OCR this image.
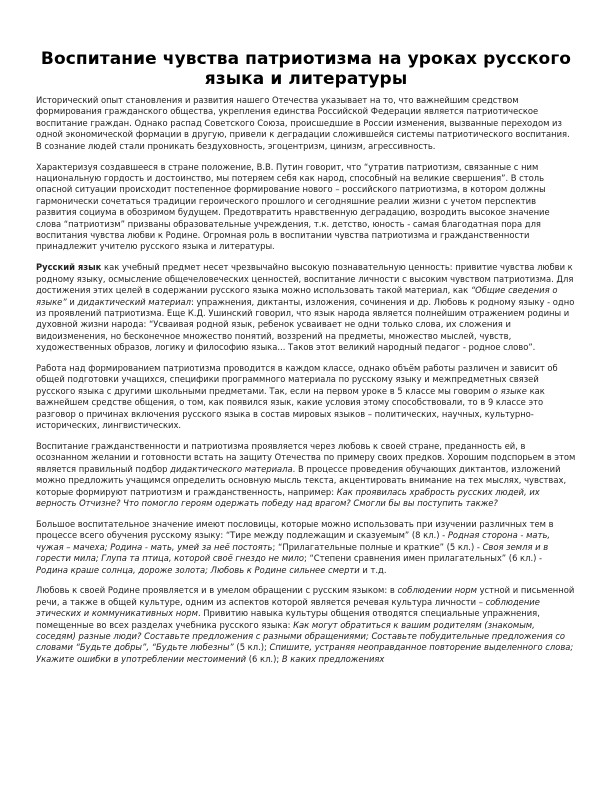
Воспитание чувства патриотизма на уроках русского языка и литературы

Исторический опыт становления и развития нашего Отечества указывает на то, что важнейшим средством формирования гражданского общества, укрепления единства Российской Федерации является патриотическое воспитание граждан. Однако распад Советского Союза, происшедшие в России изменения, вызванные переходом из одной экономической формации в другую, привели к деградации сложившейся системы патриотического воспитания. В сознание людей стали проникать бездуховность, эгоцентризм, цинизм, агрессивность.

Характеризуя создавшееся в стране положение, В.В. Путин говорит, что “утратив патриотизм, связанные с ним национальную гордость и достоинство, мы потеряем себя как народ, способный на великие свершения”. В столь опасной ситуации происходит постепенное формирование нового – российского патриотизма, в котором должны гармонически сочетаться традиции героического прошлого и сегодняшние реалии жизни с учетом перспектив развития социума в обозримом будущем. Предотвратить нравственную деградацию, возродить высокое значение слова “патриотизм” призваны образовательные учреждения, т.к. детство, юность - самая благодатная пора для воспитания чувства любви к Родине. Огромная роль в воспитании чувства патриотизма и гражданственности принадлежит учителю русского языка и литературы.

Русский язык как учебный предмет несет чрезвычайно высокую познавательную ценность: привитие чувства любви к родному языку, осмысление общечеловеческих ценностей, воспитание личности с высоким чувством патриотизма. Для достижения этих целей в содержании русского языка можно использовать такой материал, как “Общие сведения о языке” и дидактический материал: упражнения, диктанты, изложения, сочинения и др. Любовь к родному языку - одно из проявлений патриотизма. Еще К.Д. Ушинский говорил, что язык народа является полнейшим отражением родины и духовной жизни народа: “Усваивая родной язык, ребенок усваивает не одни только слова, их сложения и видоизменения, но бесконечное множество понятий, воззрений на предметы, множество мыслей, чувств, художественных образов, логику и философию языка... Таков этот великий народный педагог - родное слово”.

Работа над формированием патриотизма проводится в каждом классе, однако объём работы различен и зависит об общей подготовки учащихся, специфики программного материала по русскому языку и межпредметных связей русского языка с другими школьными предметами. Так, если на первом уроке в 5 классе мы говорим о языке как важнейшем средстве общения, о том, как появился язык, какие условия этому способствовали, то в 9 классе это разговор о причинах включения русского языка в состав мировых языков – политических, научных, культурно-исторических, лингвистических.

Воспитание гражданственности и патриотизма проявляется через любовь к своей стране, преданность ей, в осознанном желании и готовности встать на защиту Отечества по примеру своих предков. Хорошим подспорьем в этом является правильный подбор дидактического материала. В процессе проведения обучающих диктантов, изложений можно предложить учащимся определить основную мысль текста, акцентировать внимание на тех мыслях, чувствах, которые формируют патриотизм и гражданственность, например: Как проявилась храбрость русских людей, их верность Отчизне? Что помогло героям одержать победу над врагом? Смогли бы вы поступить также?

Большое воспитательное значение имеют пословицы, которые можно использовать при изучении различных тем в процессе всего обучения русскому языку: “Тире между подлежащим и сказуемым” (8 кл.) - Родная сторона - мать, чужая – мачеха; Родина - мать, умей за неё постоять; “Прилагательные полные и краткие” (5 кл.) - Своя земля и в горести мила; Глупа та птица, которой своё гнездо не мило; “Степени сравнения имен прилагательных” (6 кл.) - Родина краше солнца, дороже золота; Любовь к Родине сильнее смерти и т.д.

Любовь к своей Родине проявляется и в умелом обращении с русским языком: в соблюдении норм устной и письменной речи, а также в общей культуре, одним из аспектов которой является речевая культура личности – соблюдение этических и коммуникативных норм. Привитию навыка культуры общения отводятся специальные упражнения, помещенные во всех разделах учебника русского языка: Как могут обратиться к вашим родителям (знакомым, соседям) разные люди? Составьте предложения с разными обращениями; Составьте побудительные предложения со словами “Будьте добры”, “Будьте любезны” (5 кл.); Спишите, устраняя неоправданное повторение выделенного слова; Укажите ошибки в употреблении местоимений (6 кл.); В каких предложениях
